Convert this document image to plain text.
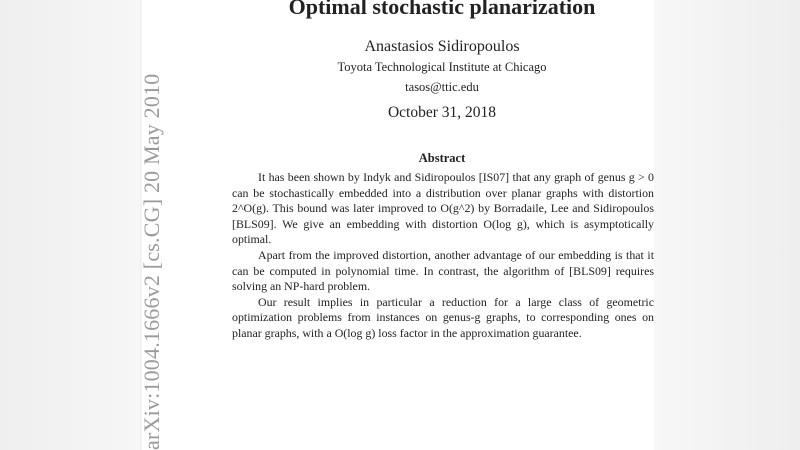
arXiv:1004.1666v2 [cs.CG] 20 May 2010
Optimal stochastic planarization
Anastasios Sidiropoulos
Toyota Technological Institute at Chicago
tasos@ttic.edu
October 31, 2018
Abstract

It has been shown by Indyk and Sidiropoulos [IS07] that any graph of genus g > 0 can be stochastically embedded into a distribution over planar graphs with distortion 2^O(g). This bound was later improved to O(g^2) by Borradaile, Lee and Sidiropoulos [BLS09]. We give an embedding with distortion O(log g), which is asymptotically optimal.

Apart from the improved distortion, another advantage of our embedding is that it can be computed in polynomial time. In contrast, the algorithm of [BLS09] requires solving an NP-hard problem.

Our result implies in particular a reduction for a large class of geometric optimization problems from instances on genus-g graphs, to corresponding ones on planar graphs, with a O(log g) loss factor in the approximation guarantee.
